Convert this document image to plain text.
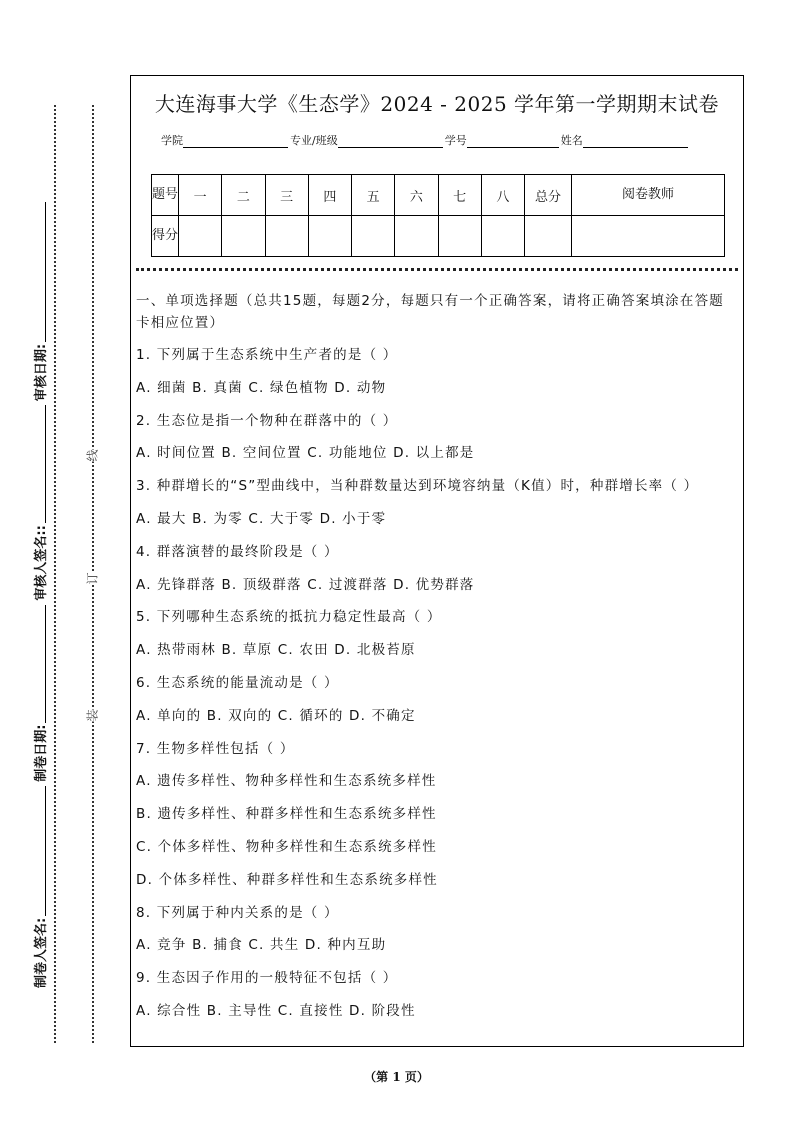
线
订
装
制卷人签名:
制卷日期:
审核人签名::
审核日期:
大连海事大学《生态学》2024 - 2025 学年第一学期期末试卷
学院	专业/班级	学号	姓名
题号	一	二	三	四	五	六	七	八	总分	阅卷教师
得分										
一、单项选择题（总共15题，每题2分，每题只有一个正确答案，请将正确答案填涂在答题卡相应位置）
1. 下列属于生态系统中生产者的是（ ）
A. 细菌 B. 真菌 C. 绿色植物 D. 动物
2. 生态位是指一个物种在群落中的（ ）
A. 时间位置 B. 空间位置 C. 功能地位 D. 以上都是
3. 种群增长的“S”型曲线中，当种群数量达到环境容纳量（K值）时，种群增长率（ ）
A. 最大 B. 为零 C. 大于零 D. 小于零
4. 群落演替的最终阶段是（ ）
A. 先锋群落 B. 顶级群落 C. 过渡群落 D. 优势群落
5. 下列哪种生态系统的抵抗力稳定性最高（ ）
A. 热带雨林 B. 草原 C. 农田 D. 北极苔原
6. 生态系统的能量流动是（ ）
A. 单向的 B. 双向的 C. 循环的 D. 不确定
7. 生物多样性包括（ ）
A. 遗传多样性、物种多样性和生态系统多样性
B. 遗传多样性、种群多样性和生态系统多样性
C. 个体多样性、物种多样性和生态系统多样性
D. 个体多样性、种群多样性和生态系统多样性
8. 下列属于种内关系的是（ ）
A. 竞争 B. 捕食 C. 共生 D. 种内互助
9. 生态因子作用的一般特征不包括（ ）
A. 综合性 B. 主导性 C. 直接性 D. 阶段性
（第 1 页）
